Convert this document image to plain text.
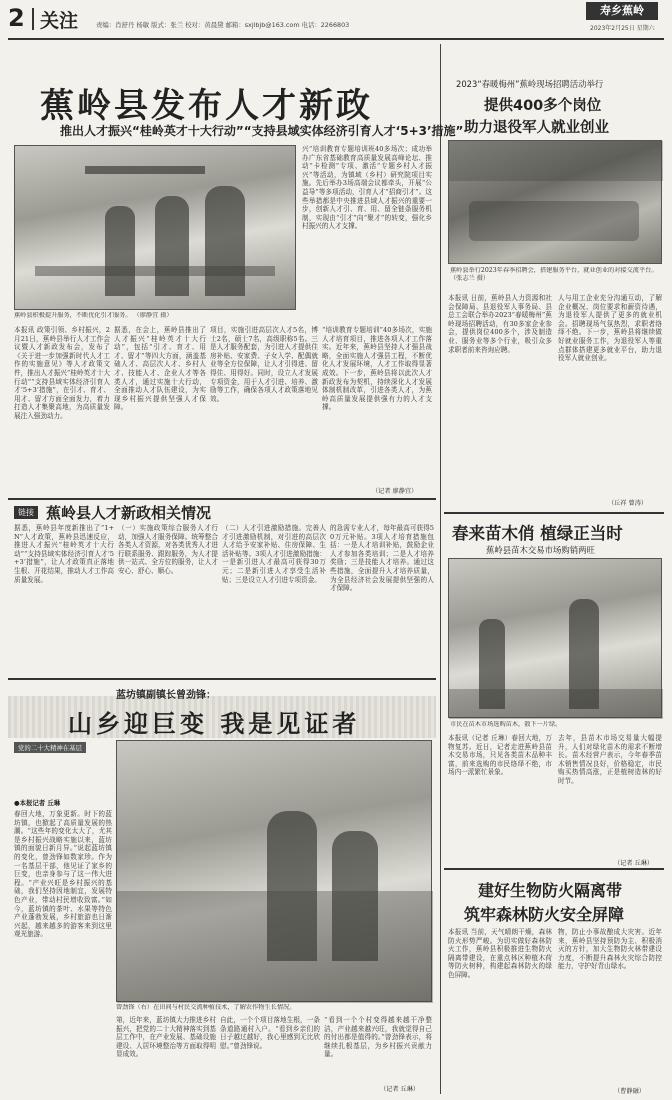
2 关注	责编：肖舒丹 杨敏 版式：张兰 校对：黄晨黛 邮箱：sxjlbjb@163.com 电话：2266803
寿乡蕉岭
2023年2月25日 星期六
蕉岭县发布人才新政
推出人才振兴“桂岭英才十大行动”“支持县域实体经济引育人才‘5+3’措施”
蕉岭县积极提升服务，不断优化引才服务。 （廖静宜 摄）
兴“培训教育专题培训班40多场次；成功举办广东省基础教育高质量发展高峰论坛、推动“卡检测”专项、激活“专题乡村人才振兴”等活动，为镇域（乡村）研究院项目实施。先后举办3场高端会议都牵头，开展“公益导”等多项活动，引育人才“招商引才”。这些举措都是中央推进县域人才振兴的重要一步，创新人才引、育、用、留全链条服务机制，实现由“引才”向“聚才”的转变，强化乡村振兴的人才支撑。
本报讯 政策引领、乡村振兴，2月21日，蕉岭县举行人才工作会议暨人才新政发布会，发布了《关于进一步加强新时代人才工作的实施意见》等人才政策文件，推出人才振兴“桂岭英才十大行动”“支持县域实体经济引育人才‘5+3’措施”，在引才、育才、用才、留才方面全面发力，着力打造人才集聚高地，为高质量发展注入强劲动力。
据悉，在会上，蕉岭县推出了人才振兴“桂岭英才十大行动”，包括“引才、育才、用才、留才”等四大方面，涵盖基础人才、高层次人才、乡村人才、技能人才、企业人才等各类人才，通过实施十大行动，全面推动人才队伍建设，为实现乡村振兴提供坚强人才保障。
项目，实施引进高层次人才5名，博士2名，硕士7名，高级职称5名。三是人才服务配套，为引进人才提供住房补贴、安家费、子女入学、配偶就业等全方位保障，让人才引得进、留得住、用得好。同时，设立人才发展专项资金，用于人才引进、培养、激励等工作，确保各项人才政策落地见效。
“培训教育专题培训”40多场次，实施人才培育项目，推进各项人才工作落实。近年来，蕉岭县坚持人才强县战略，全面实施人才强县工程，不断优化人才发展环境，人才工作取得显著成效。下一步，蕉岭县将以此次人才新政发布为契机，持续深化人才发展体制机制改革，引进各类人才，为蕉岭高质量发展提供强有力的人才支撑。
（记者 廖静宜）
链接 蕉岭县人才新政相关情况
据悉，蕉岭县年度新推出了“1+N”人才政策，蕉岭县迅速反应，推进人才振兴“桂岭英才十大行动”“支持县域实体经济引育人才‘5+3’措施”，让人才政策真正落地生根、开花结果，推动人才工作高质量发展。
（一）实施政策综合服务人才行动，加强人才服务保障。统筹整合各类人才资源，对各类优秀人才进行联系服务、跟踪服务，为人才提供一站式、全方位的服务，让人才安心、舒心、顺心。
（二）人才引进激励措施。完善人才引进激励机制，对引进的高层次人才给予安家补贴、住房保障、生活补贴等。3项人才引进激励措施：一是新引进人才最高可获得30万元；二是新引进人才享受生活补贴；三是设立人才引进专项资金。
的急需专业人才，每年最高可获得50万元补贴。3项人才培育措施包括：一是人才培训补贴，鼓励企业人才参加各类培训；二是人才培养奖励；三是技能人才培养。通过这些措施，全面提升人才培养质量，为全县经济社会发展提供坚强的人才保障。
蓝坊镇副镇长曾劲锋：
山乡迎巨变 我是见证者
党的二十大精神在基层
●本报记者 丘琳
春回大地，万象更新。时下的蓝坊镇，也掀起了高质量发展的热潮。“这些年的变化太大了，尤其是乡村振兴战略实施以来，蓝坊镇的面貌日新月异。”说起蓝坊镇的变化，曾劲锋如数家珍。作为一名基层干部，他见证了家乡的巨变，也亲身参与了这一伟大进程。“产业兴旺是乡村振兴的基础，我们坚持因地制宜，发展特色产业，带动村民增收致富。”如今，蓝坊镇的茶叶、水果等特色产业蓬勃发展，乡村旅游也日渐兴起，越来越多的游客来到这里观光旅游。
曾劲锋（右）在田间与村民交流种植技术，了解农作物生长情况。
第，近年来，蓝坊镇大力推进乡村振兴，把党的二十大精神落实到基层工作中，在产业发展、基础设施建设、人居环境整治等方面取得明显成效。
自此，一个个项目落地生根，一条条道路通村入户。“看到乡亲们的日子越过越好，我心里感到无比欣慰。”曾劲锋说。
“看到一个个村变得越来越干净整洁，产业越来越兴旺，我就觉得自己的付出都是值得的。”曾劲锋表示，将继续扎根基层，为乡村振兴贡献力量。
（记者 丘琳）
2023“春暖梅州”蕉岭现场招聘活动举行
提供400多个岗位
助力退役军人就业创业
蕉岭县举行2023年春季招聘会，搭建服务平台，就业创业的对接交流平台。 （张志兰 摄）
本报讯 日前，蕉岭县人力资源和社会保障局、县退役军人事务局、县总工会联合举办2023“春暖梅州”蕉岭现场招聘活动，有30多家企业参会，提供岗位400多个，涉及制造业、服务业等多个行业，吸引众多求职者前来咨询应聘。
人与用工企业充分沟通互动，了解企业概况、岗位要求和薪资待遇，为退役军人提供了更多的就业机会。招聘现场气氛热烈，求职者络绎不绝。下一步，蕉岭县将继续做好就业服务工作，为退役军人等重点群体搭建更多就业平台，助力退役军人就业创业。
（丘祥 曾涛）
春来苗木俏 植绿正当时
蕉岭县苗木交易市场购销两旺
市民在苗木市场选购苗木，散下一片绿。
本报讯（记者 丘琳）春回大地，万物复苏。近日，记者走进蕉岭县苗木交易市场，只见各类苗木品种丰富，前来选购的市民络绎不绝，市场内一派繁忙景象。
去年，县苗木市场交易量大幅提升，人们对绿化苗木的需求不断增长。苗木经营户表示，今年春季苗木销售情况良好，价格稳定，市民购买热情高涨，正是植树造林的好时节。
（记者 丘琳）
建好生物防火隔离带
筑牢森林防火安全屏障
本报讯 当前，天气晴朗干燥，森林防火形势严峻。为切实做好森林防火工作，蕉岭县积极推进生物防火隔离带建设，在重点林区种植木荷等防火树种，构建起森林防火的绿色屏障。
物，防止小事故酿成大灾害。近年来，蕉岭县坚持预防为主、积极消灭的方针，加大生物防火林带建设力度，不断提升森林火灾综合防控能力，守护好青山绿水。
（曹静融）
